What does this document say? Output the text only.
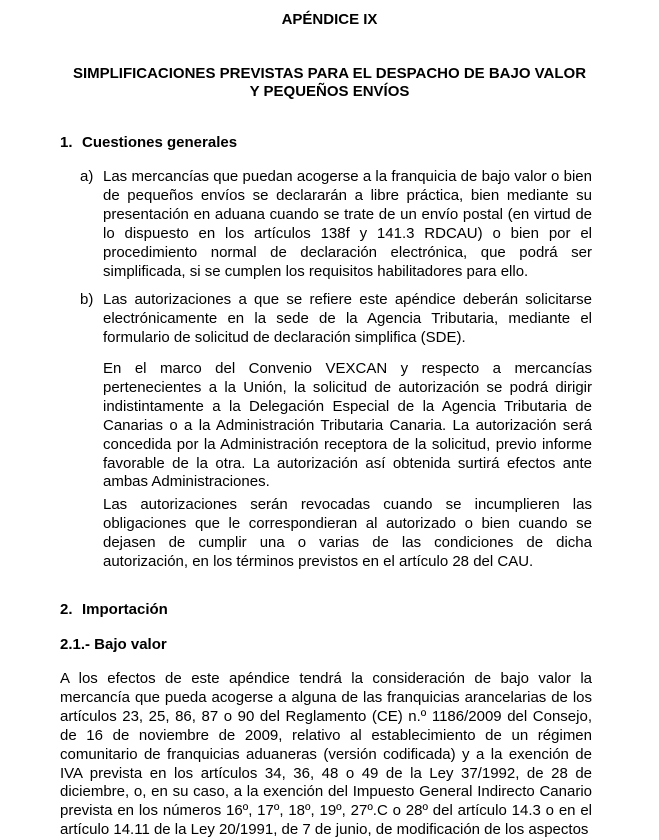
APÉNDICE IX
SIMPLIFICACIONES PREVISTAS PARA EL DESPACHO DE BAJO VALOR
Y PEQUEÑOS ENVÍOS
1. Cuestiones generales
a) Las mercancías que puedan acogerse a la franquicia de bajo valor o bien de pequeños envíos se declararán a libre práctica, bien mediante su presentación en aduana cuando se trate de un envío postal (en virtud de lo dispuesto en los artículos 138f y 141.3 RDCAU) o bien por el procedimiento normal de declaración electrónica, que podrá ser simplificada, si se cumplen los requisitos habilitadores para ello.

b) Las autorizaciones a que se refiere este apéndice deberán solicitarse electrónicamente en la sede de la Agencia Tributaria, mediante el formulario de solicitud de declaración simplifica (SDE).

En el marco del Convenio VEXCAN y respecto a mercancías pertenecientes a la Unión, la solicitud de autorización se podrá dirigir indistintamente a la Delegación Especial de la Agencia Tributaria de Canarias o a la Administración Tributaria Canaria. La autorización será concedida por la Administración receptora de la solicitud, previo informe favorable de la otra. La autorización así obtenida surtirá efectos ante ambas Administraciones.

Las autorizaciones serán revocadas cuando se incumplieren las obligaciones que le correspondieran al autorizado o bien cuando se dejasen de cumplir una o varias de las condiciones de dicha autorización, en los términos previstos en el artículo 28 del CAU.

2. Importación
2.1.- Bajo valor

A los efectos de este apéndice tendrá la consideración de bajo valor la mercancía que pueda acogerse a alguna de las franquicias arancelarias de los artículos 23, 25, 86, 87 o 90 del Reglamento (CE) n.º 1186/2009 del Consejo, de 16 de noviembre de 2009, relativo al establecimiento de un régimen comunitario de franquicias aduaneras (versión codificada) y a la exención de IVA prevista en los artículos 34, 36, 48 o 49 de la Ley 37/1992, de 28 de diciembre, o, en su caso, a la exención del Impuesto General Indirecto Canario prevista en los números 16º, 17º, 18º, 19º, 27º.C o 28º del artículo 14.3 o en el artículo 14.11 de la Ley 20/1991, de 7 de junio, de modificación de los aspectos
